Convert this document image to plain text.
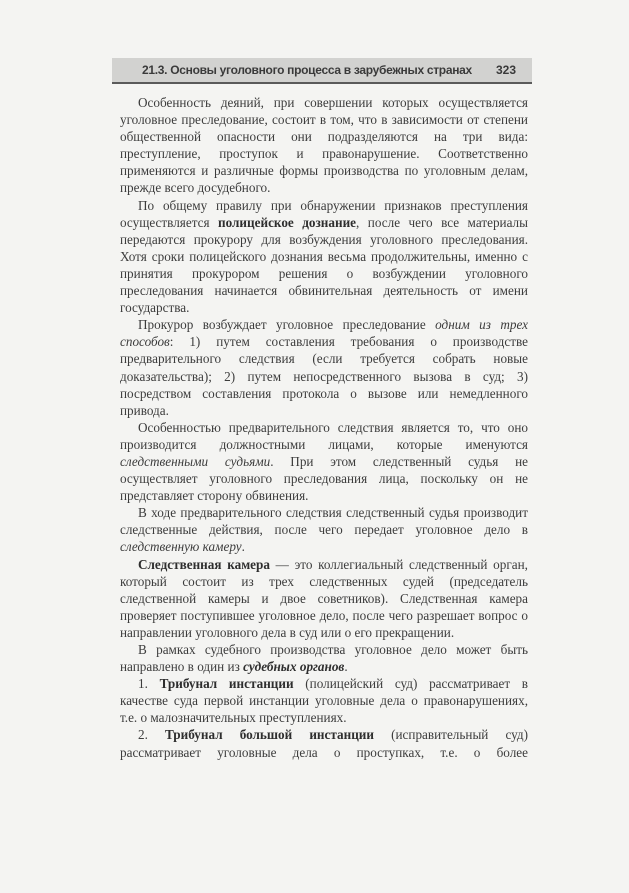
21.3. Основы уголовного процесса в зарубежных странах 323

Особенность деяний, при совершении которых осуществляется уголовное преследование, состоит в том, что в зависимости от степени общественной опасности они подразделяются на три вида: преступление, проступок и правонарушение. Соответственно применяются и различные формы производства по уголовным делам, прежде всего досудебного.

По общему правилу при обнаружении признаков преступления осуществляется полицейское дознание, после чего все материалы передаются прокурору для возбуждения уголовного преследования. Хотя сроки полицейского дознания весьма продолжительны, именно с принятия прокурором решения о возбуждении уголовного преследования начинается обвинительная деятельность от имени государства.

Прокурор возбуждает уголовное преследование одним из трех способов: 1) путем составления требования о производстве предварительного следствия (если требуется собрать новые доказательства); 2) путем непосредственного вызова в суд; 3) посредством составления протокола о вызове или немедленного привода.

Особенностью предварительного следствия является то, что оно производится должностными лицами, которые именуются следственными судьями. При этом следственный судья не осуществляет уголовного преследования лица, поскольку он не представляет сторону обвинения.

В ходе предварительного следствия следственный судья производит следственные действия, после чего передает уголовное дело в следственную камеру.

Следственная камера — это коллегиальный следственный орган, который состоит из трех следственных судей (председатель следственной камеры и двое советников). Следственная камера проверяет поступившее уголовное дело, после чего разрешает вопрос о направлении уголовного дела в суд или о его прекращении.

В рамках судебного производства уголовное дело может быть направлено в один из судебных органов.

1. Трибунал инстанции (полицейский суд) рассматривает в качестве суда первой инстанции уголовные дела о правонарушениях, т.е. о малозначительных преступлениях.

2. Трибунал большой инстанции (исправительный суд) рассматривает уголовные дела о проступках, т.е. о более
